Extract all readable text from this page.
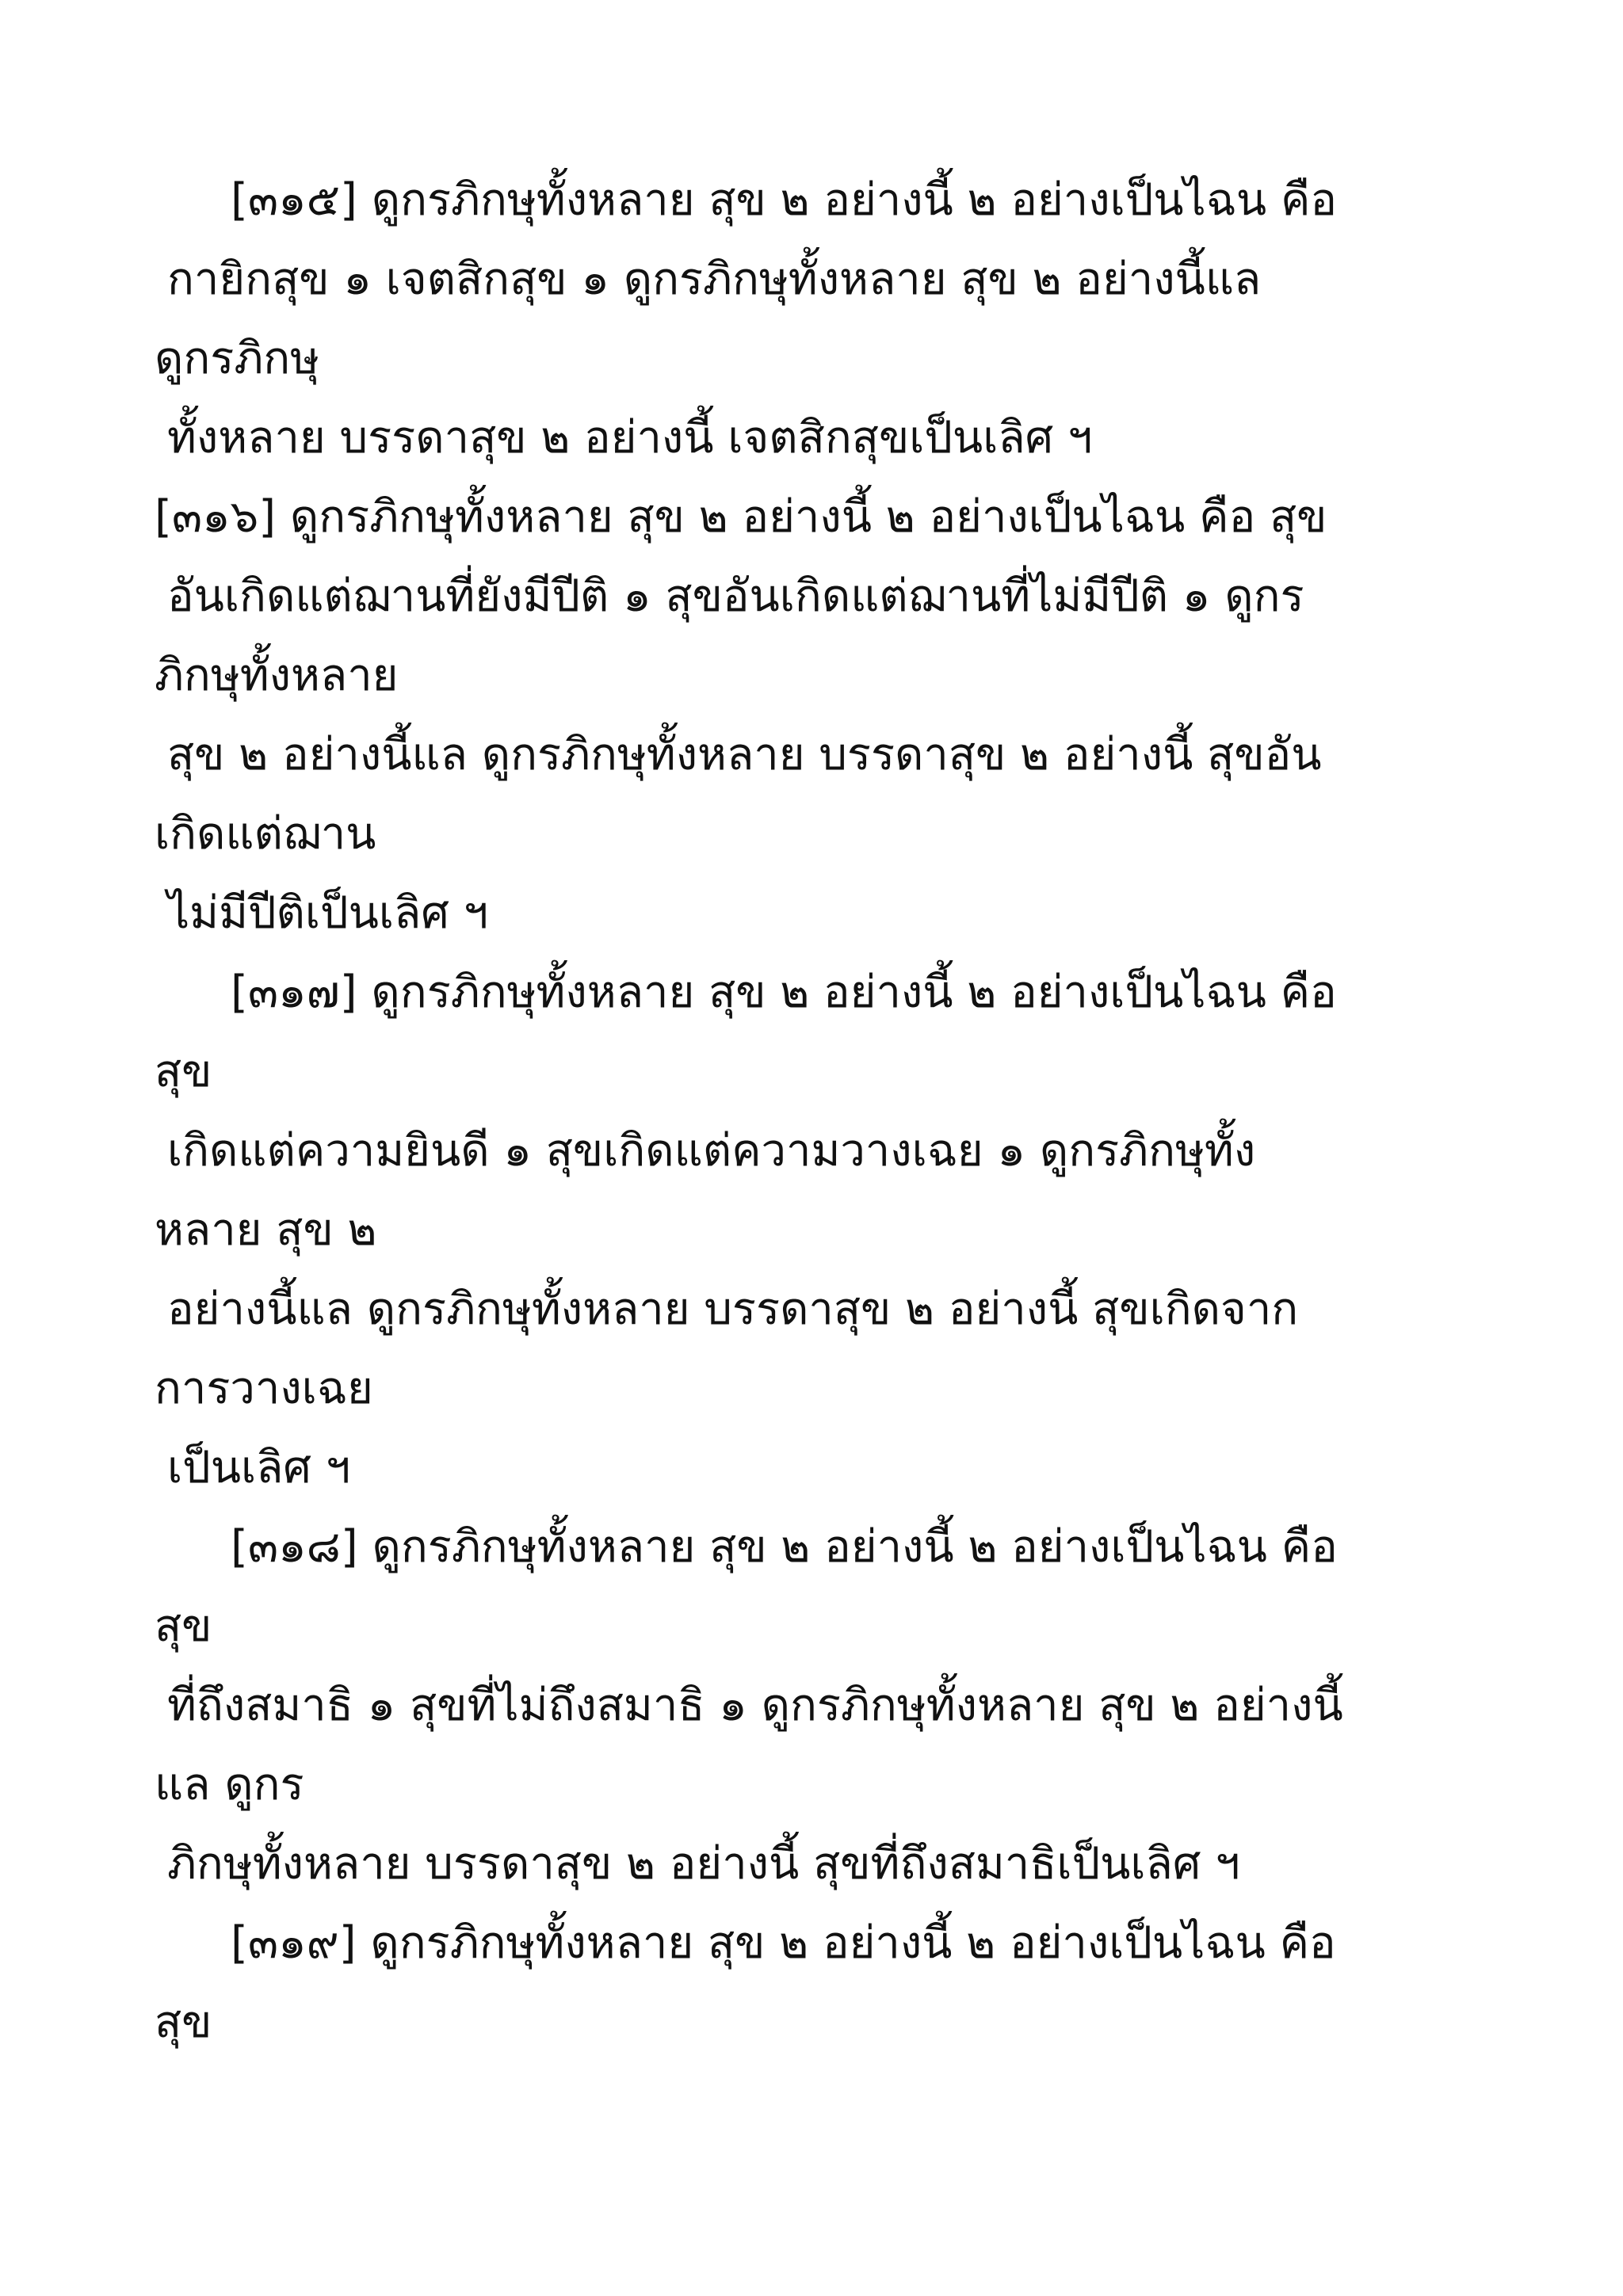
[๓๑๕] ดูกรภิกษุทั้งหลาย สุข ๒ อย่างนี้ ๒ อย่างเป็นไฉน คือ
กายิกสุข ๑ เจตสิกสุข ๑ ดูกรภิกษุทั้งหลาย สุข ๒ อย่างนี้แล
ดูกรภิกษุ
ทั้งหลาย บรรดาสุข ๒ อย่างนี้ เจตสิกสุขเป็นเลิศ ฯ
[๓๑๖] ดูกรภิกษุทั้งหลาย สุข ๒ อย่างนี้ ๒ อย่างเป็นไฉน คือ สุข
อันเกิดแต่ฌานที่ยังมีปีติ ๑ สุขอันเกิดแต่ฌานที่ไม่มีปีติ ๑ ดูกร
ภิกษุทั้งหลาย
สุข ๒ อย่างนี้แล ดูกรภิกษุทั้งหลาย บรรดาสุข ๒ อย่างนี้ สุขอัน
เกิดแต่ฌาน
ไม่มีปีติเป็นเลิศ ฯ
[๓๑๗] ดูกรภิกษุทั้งหลาย สุข ๒ อย่างนี้ ๒ อย่างเป็นไฉน คือ
สุข
เกิดแต่ความยินดี ๑ สุขเกิดแต่ความวางเฉย ๑ ดูกรภิกษุทั้ง
หลาย สุข ๒
อย่างนี้แล ดูกรภิกษุทั้งหลาย บรรดาสุข ๒ อย่างนี้ สุขเกิดจาก
การวางเฉย
เป็นเลิศ ฯ
[๓๑๘] ดูกรภิกษุทั้งหลาย สุข ๒ อย่างนี้ ๒ อย่างเป็นไฉน คือ
สุข
ที่ถึงสมาธิ ๑ สุขที่ไม่ถึงสมาธิ ๑ ดูกรภิกษุทั้งหลาย สุข ๒ อย่างนี้
แล ดูกร
ภิกษุทั้งหลาย บรรดาสุข ๒ อย่างนี้ สุขที่ถึงสมาธิเป็นเลิศ ฯ
[๓๑๙] ดูกรภิกษุทั้งหลาย สุข ๒ อย่างนี้ ๒ อย่างเป็นไฉน คือ
สุข
